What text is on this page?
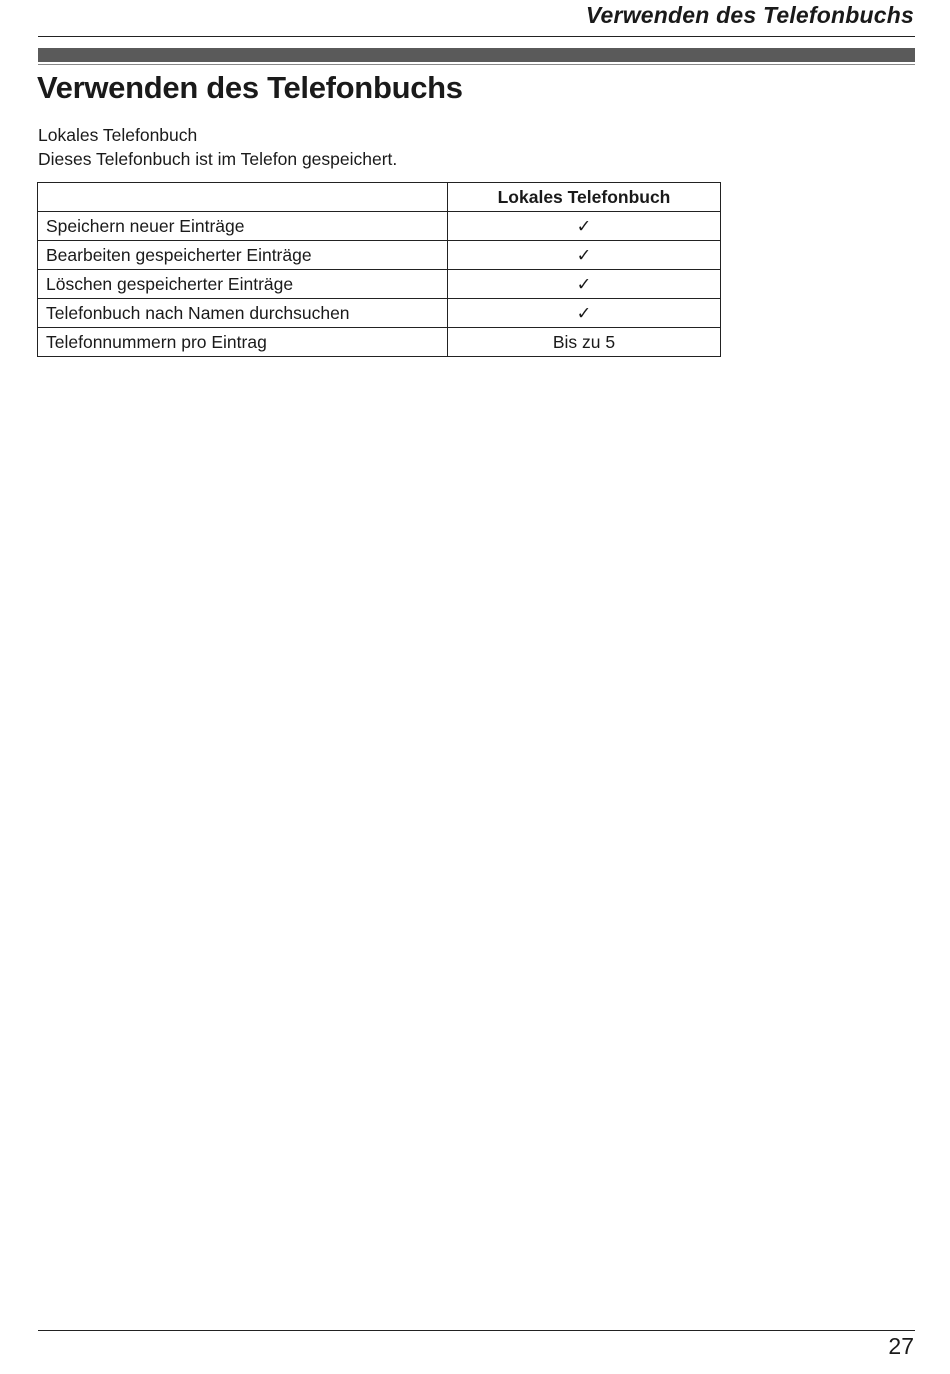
Verwenden des Telefonbuchs
Verwenden des Telefonbuchs

Lokales Telefonbuch

Dieses Telefonbuch ist im Telefon gespeichert.

	Lokales Telefonbuch
Speichern neuer Einträge	✓
Bearbeiten gespeicherter Einträge	✓
Löschen gespeicherter Einträge	✓
Telefonbuch nach Namen durchsuchen	✓
Telefonnummern pro Eintrag	Bis zu 5
27
